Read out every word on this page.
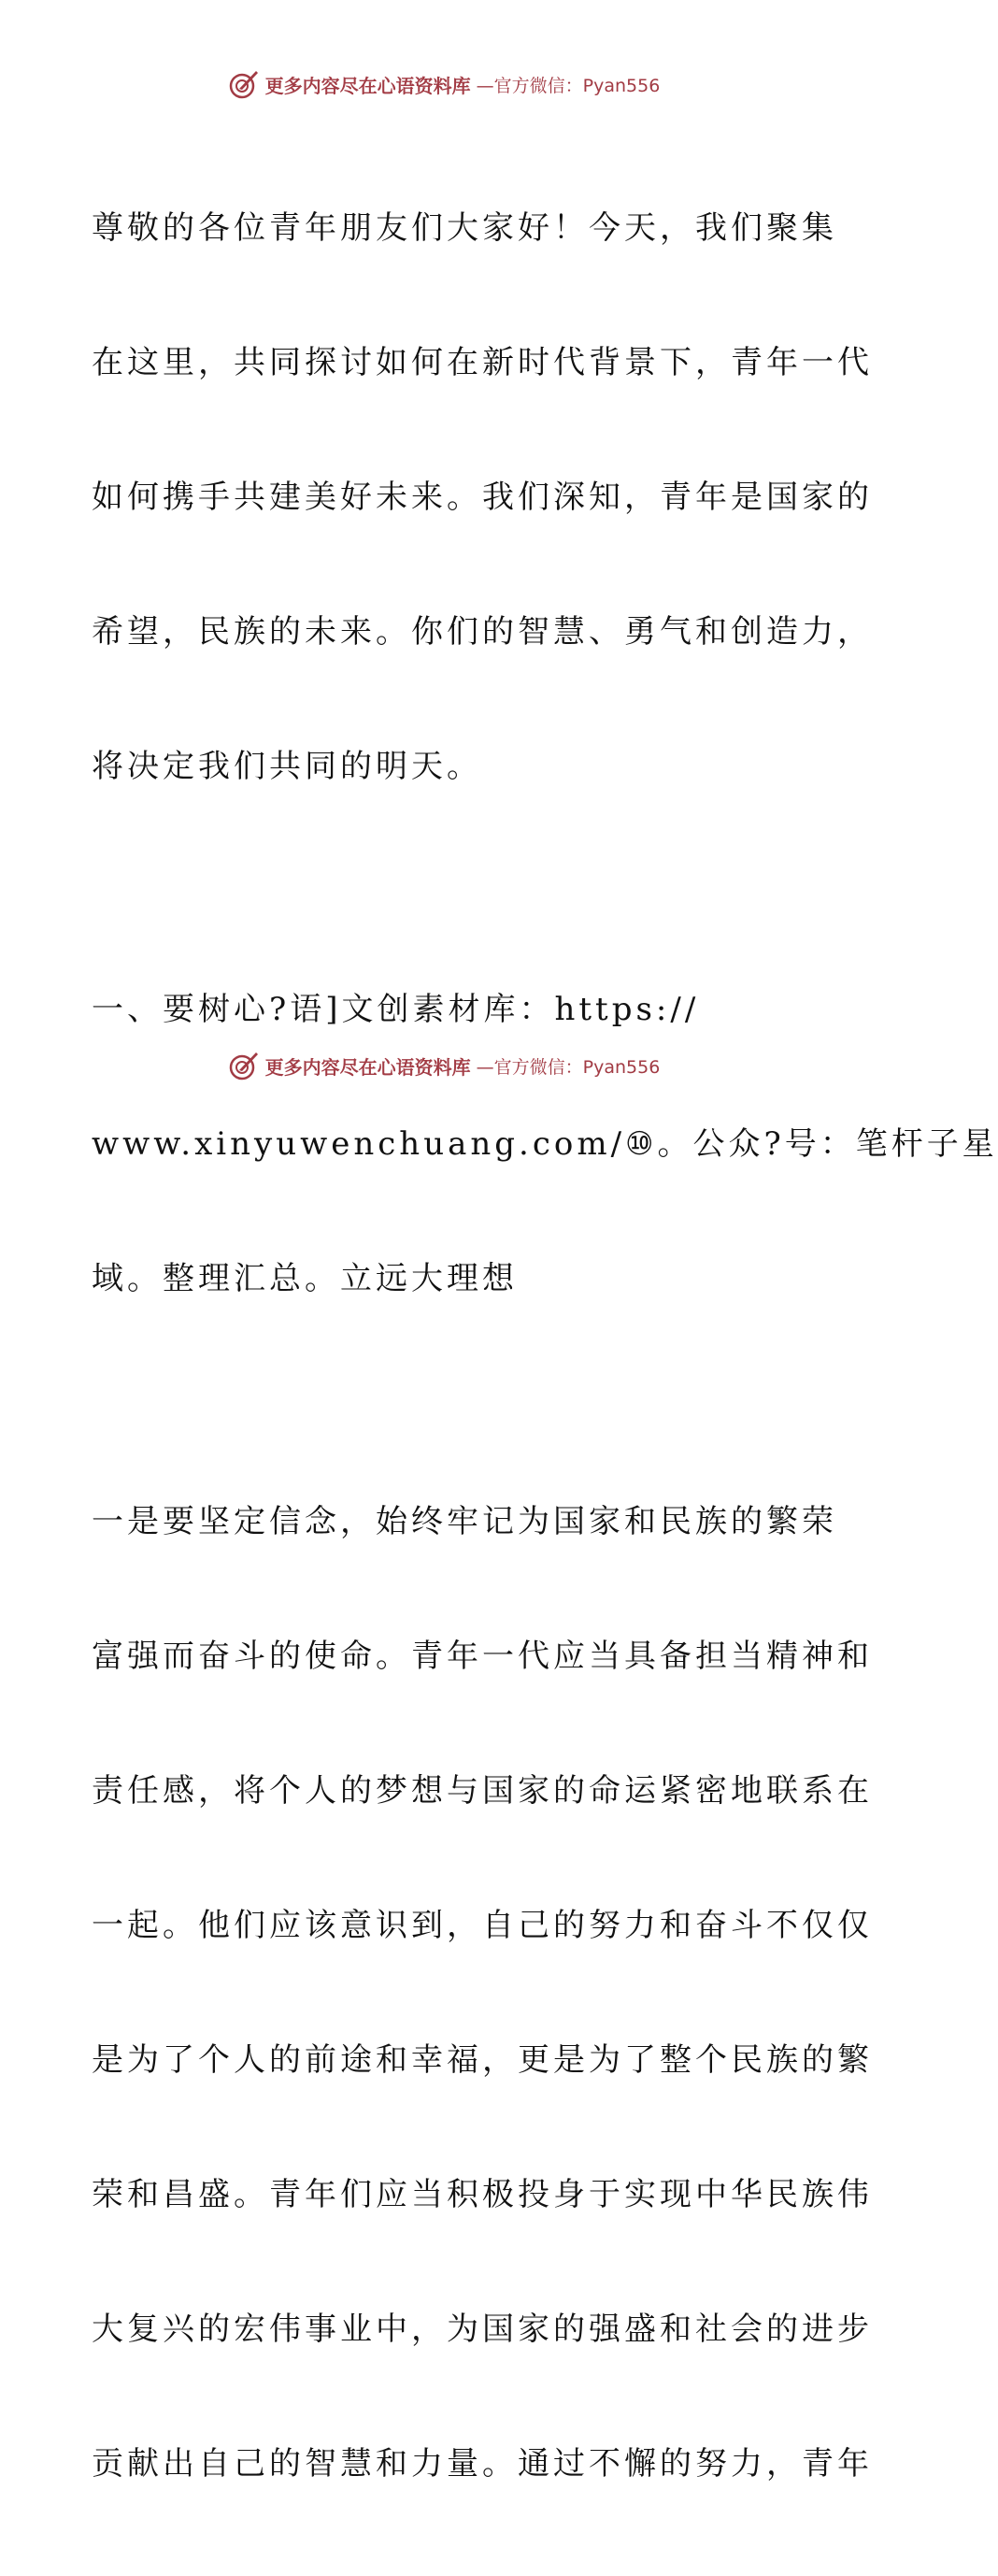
更多内容尽在心语资料库 —官方微信：Pyan556

尊敬的各位青年朋友们大家好！今天，我们聚集

在这里，共同探讨如何在新时代背景下，青年一代

如何携手共建美好未来。我们深知，青年是国家的

希望，民族的未来。你们的智慧、勇气和创造力，

将决定我们共同的明天。

一、要树心?语]文创素材库：https://

www.xinyuwenchuang.com/⑩。公众?号：笔杆子星

域。整理汇总。立远大理想

一是要坚定信念，始终牢记为国家和民族的繁荣

富强而奋斗的使命。青年一代应当具备担当精神和

责任感，将个人的梦想与国家的命运紧密地联系在

一起。他们应该意识到，自己的努力和奋斗不仅仅

是为了个人的前途和幸福，更是为了整个民族的繁

荣和昌盛。青年们应当积极投身于实现中华民族伟

大复兴的宏伟事业中，为国家的强盛和社会的进步

贡献出自己的智慧和力量。通过不懈的努力，青年

更多内容尽在心语资料库 —官方微信：Pyan556
